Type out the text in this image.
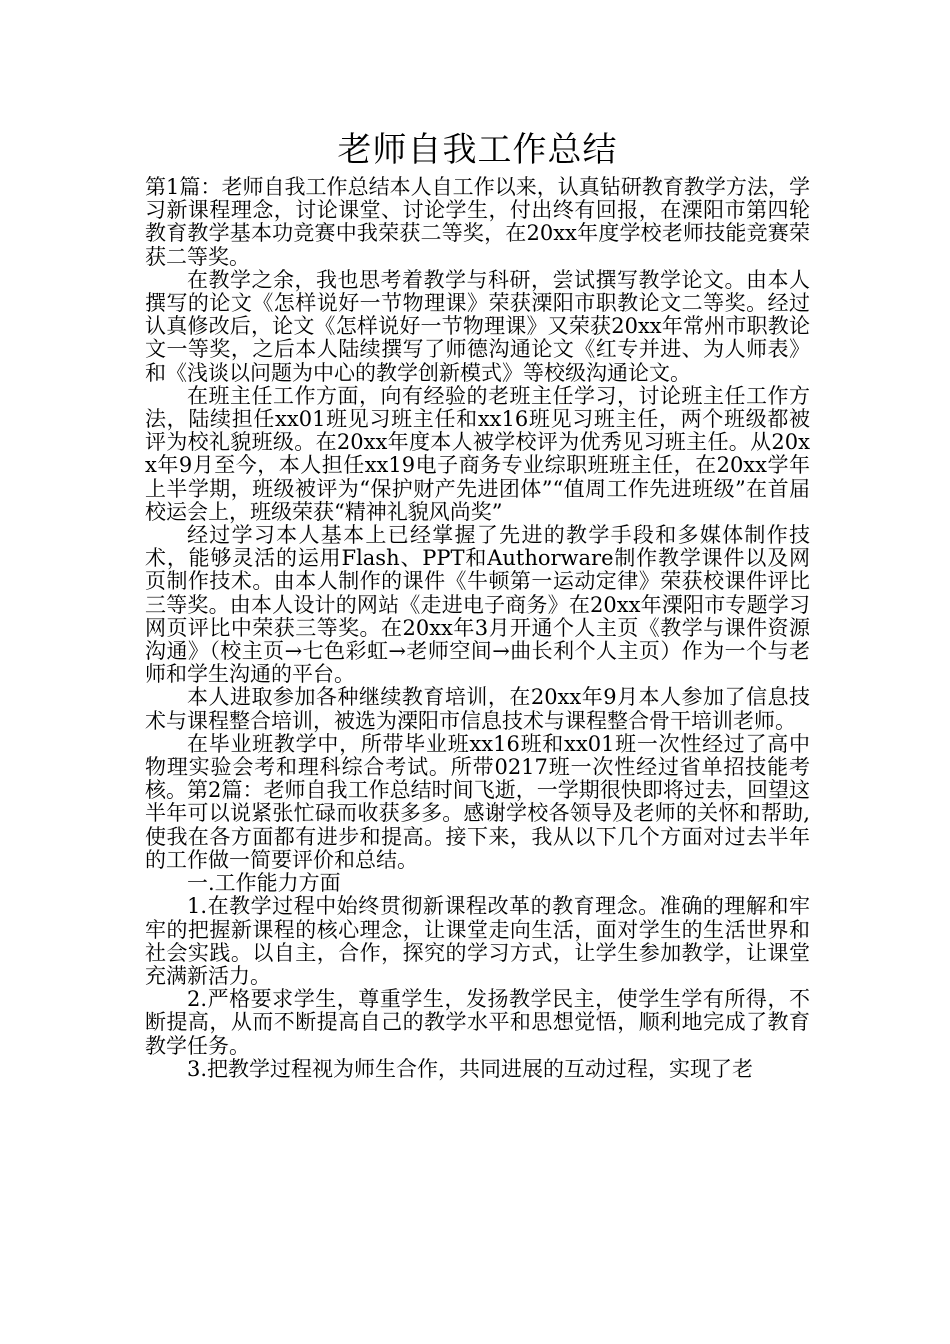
老师自我工作总结

第1篇：老师自我工作总结本人自工作以来，认真钻研教育教学方法，学习新课程理念，讨论课堂、讨论学生，付出终有回报，在溧阳市第四轮教育教学基本功竞赛中我荣获二等奖，在20xx年度学校老师技能竞赛荣获二等奖。

在教学之余，我也思考着教学与科研，尝试撰写教学论文。由本人撰写的论文《怎样说好一节物理课》荣获溧阳市职教论文二等奖。经过认真修改后，论文《怎样说好一节物理课》又荣获20xx年常州市职教论文一等奖，之后本人陆续撰写了师德沟通论文《红专并进、为人师表》和《浅谈以问题为中心的教学创新模式》等校级沟通论文。

在班主任工作方面，向有经验的老班主任学习，讨论班主任工作方法，陆续担任xx01班见习班主任和xx16班见习班主任，两个班级都被评为校礼貌班级。在20xx年度本人被学校评为优秀见习班主任。从20xx年9月至今，本人担任xx19电子商务专业综职班班主任，在20xx学年上半学期，班级被评为“保护财产先进团体”“值周工作先进班级”在首届校运会上，班级荣获“精神礼貌风尚奖”

经过学习本人基本上已经掌握了先进的教学手段和多媒体制作技术，能够灵活的运用Flash、PPT和Authorware制作教学课件以及网页制作技术。由本人制作的课件《牛顿第一运动定律》荣获校课件评比三等奖。由本人设计的网站《走进电子商务》在20xx年溧阳市专题学习网页评比中荣获三等奖。在20xx年3月开通个人主页《教学与课件资源沟通》（校主页→七色彩虹→老师空间→曲长利个人主页）作为一个与老师和学生沟通的平台。

本人进取参加各种继续教育培训，在20xx年9月本人参加了信息技术与课程整合培训，被选为溧阳市信息技术与课程整合骨干培训老师。

在毕业班教学中，所带毕业班xx16班和xx01班一次性经过了高中物理实验会考和理科综合考试。所带0217班一次性经过省单招技能考核。第2篇：老师自我工作总结时间飞逝，一学期很快即将过去，回望这半年可以说紧张忙碌而收获多多。感谢学校各领导及老师的关怀和帮助,使我在各方面都有进步和提高。接下来，我从以下几个方面对过去半年的工作做一简要评价和总结。

一.工作能力方面

1.在教学过程中始终贯彻新课程改革的教育理念。准确的理解和牢牢的把握新课程的核心理念，让课堂走向生活，面对学生的生活世界和社会实践。以自主，合作，探究的学习方式，让学生参加教学，让课堂充满新活力。

2.严格要求学生，尊重学生，发扬教学民主，使学生学有所得，不断提高，从而不断提高自己的教学水平和思想觉悟，顺利地完成了教育教学任务。

3.把教学过程视为师生合作，共同进展的互动过程，实现了老
